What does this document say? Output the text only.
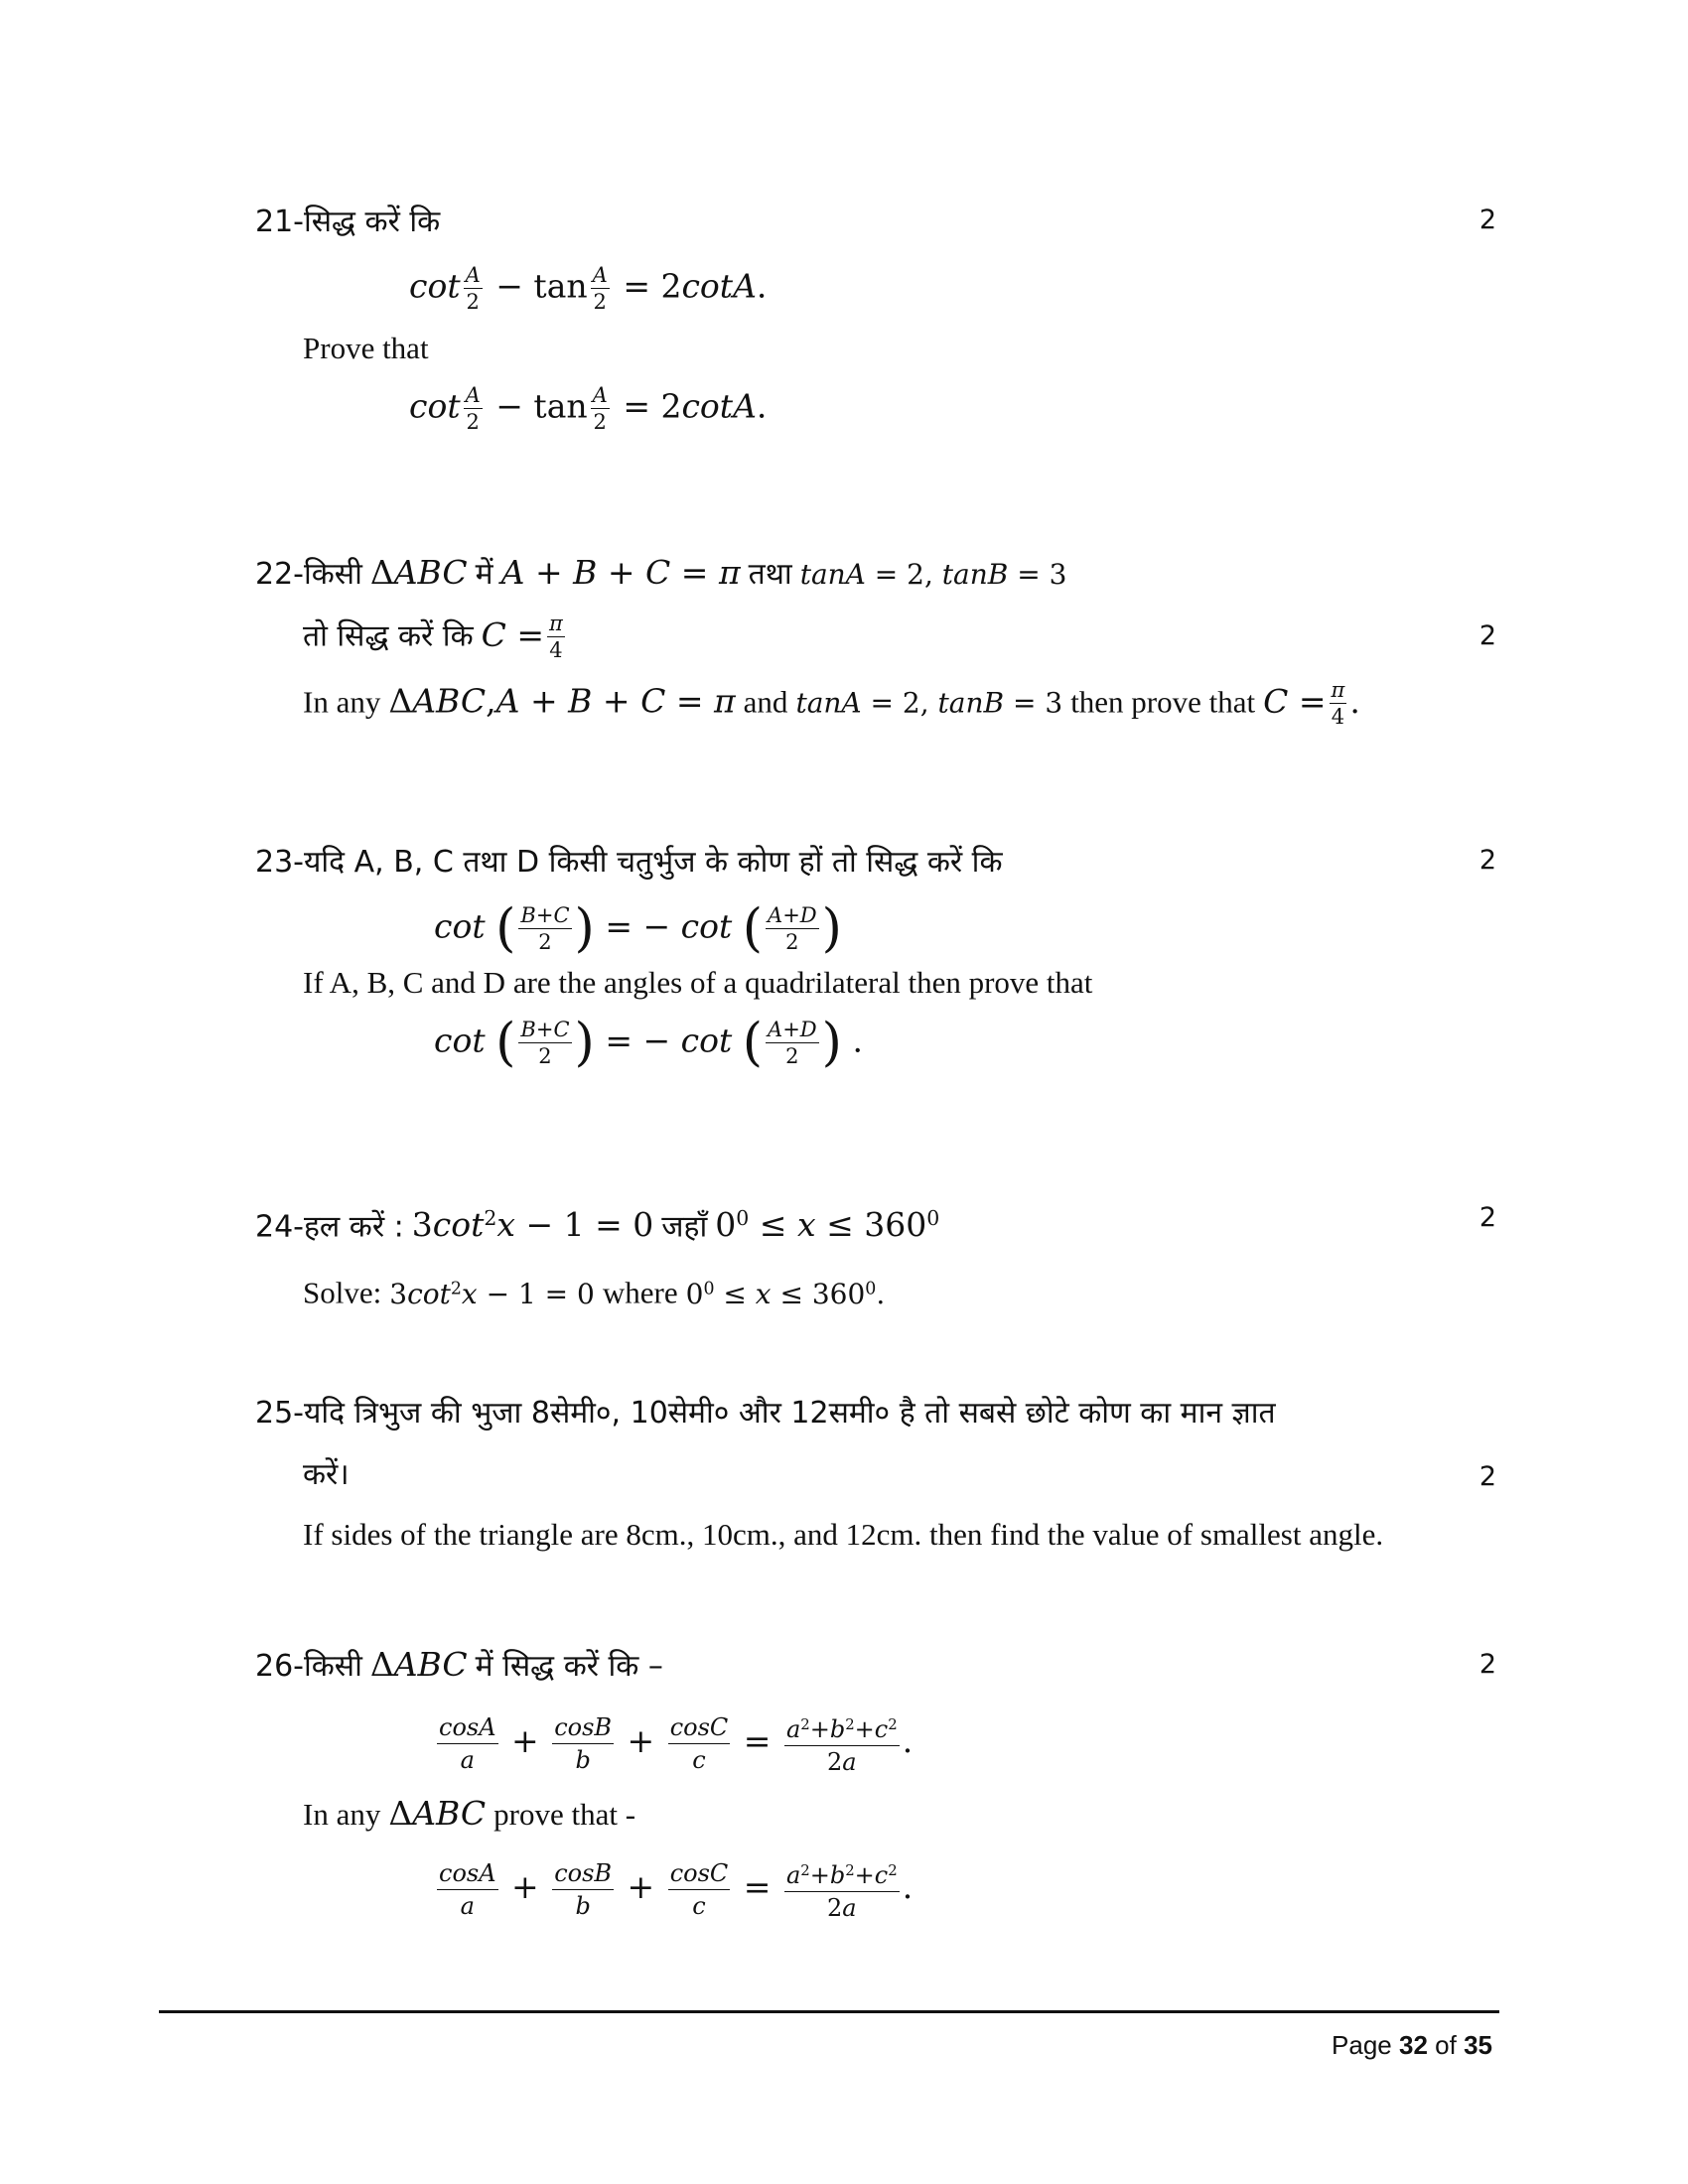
21-सिद्ध करें कि	2
$\cot \frac{A}{2} - \tan \frac{A}{2} = 2\cot A$.
Prove that
$\cot \frac{A}{2} - \tan \frac{A}{2} = 2\cot A$.
22-किसी ΔABC में A + B + C = π तथा tanA = 2, tanB = 3
तो सिद्ध करें कि $C = \frac{\pi}{4}$	2
In any ΔABC,A + B + C = π and tanA = 2, tanB = 3 then prove that $C = \frac{\pi}{4}$ .
23-यदि A, B, C तथा D किसी चतुर्भुज के कोण हों तो सिद्ध करें कि	2
cot ( $\frac{B+C}{2}$ ) = − cot ( $\frac{A+D}{2}$ )
If A, B, C and D are the angles of a quadrilateral then prove that
cot ( $\frac{B+C}{2}$ ) = − cot ( $\frac{A+D}{2}$ ) .
24-हल करें : $3\cot^2x - 1 = 0$ जहाँ $0^0 \le x \le 360^0$	2
Solve: $3\cot^2x - 1 = 0$ where $0^0 \le x \le 360^0$.
25-यदि त्रिभुज की भुजा 8सेमी०, 10सेमी० और 12समी० है तो सबसे छोटे कोण का मान ज्ञात
करें।	2
If sides of the triangle are 8cm., 10cm., and 12cm. then find the value of smallest angle.
26-किसी ΔABC में सिद्ध करें कि –	2
$\frac{\cos A}{a} + \frac{\cos B}{b} + \frac{\cos C}{c} = \frac{a^2+b^2+c^2}{2a}$ .
In any ΔABC prove that -
$\frac{\cos A}{a} + \frac{\cos B}{b} + \frac{\cos C}{c} = \frac{a^2+b^2+c^2}{2a}$ .
Page 32 of 35
